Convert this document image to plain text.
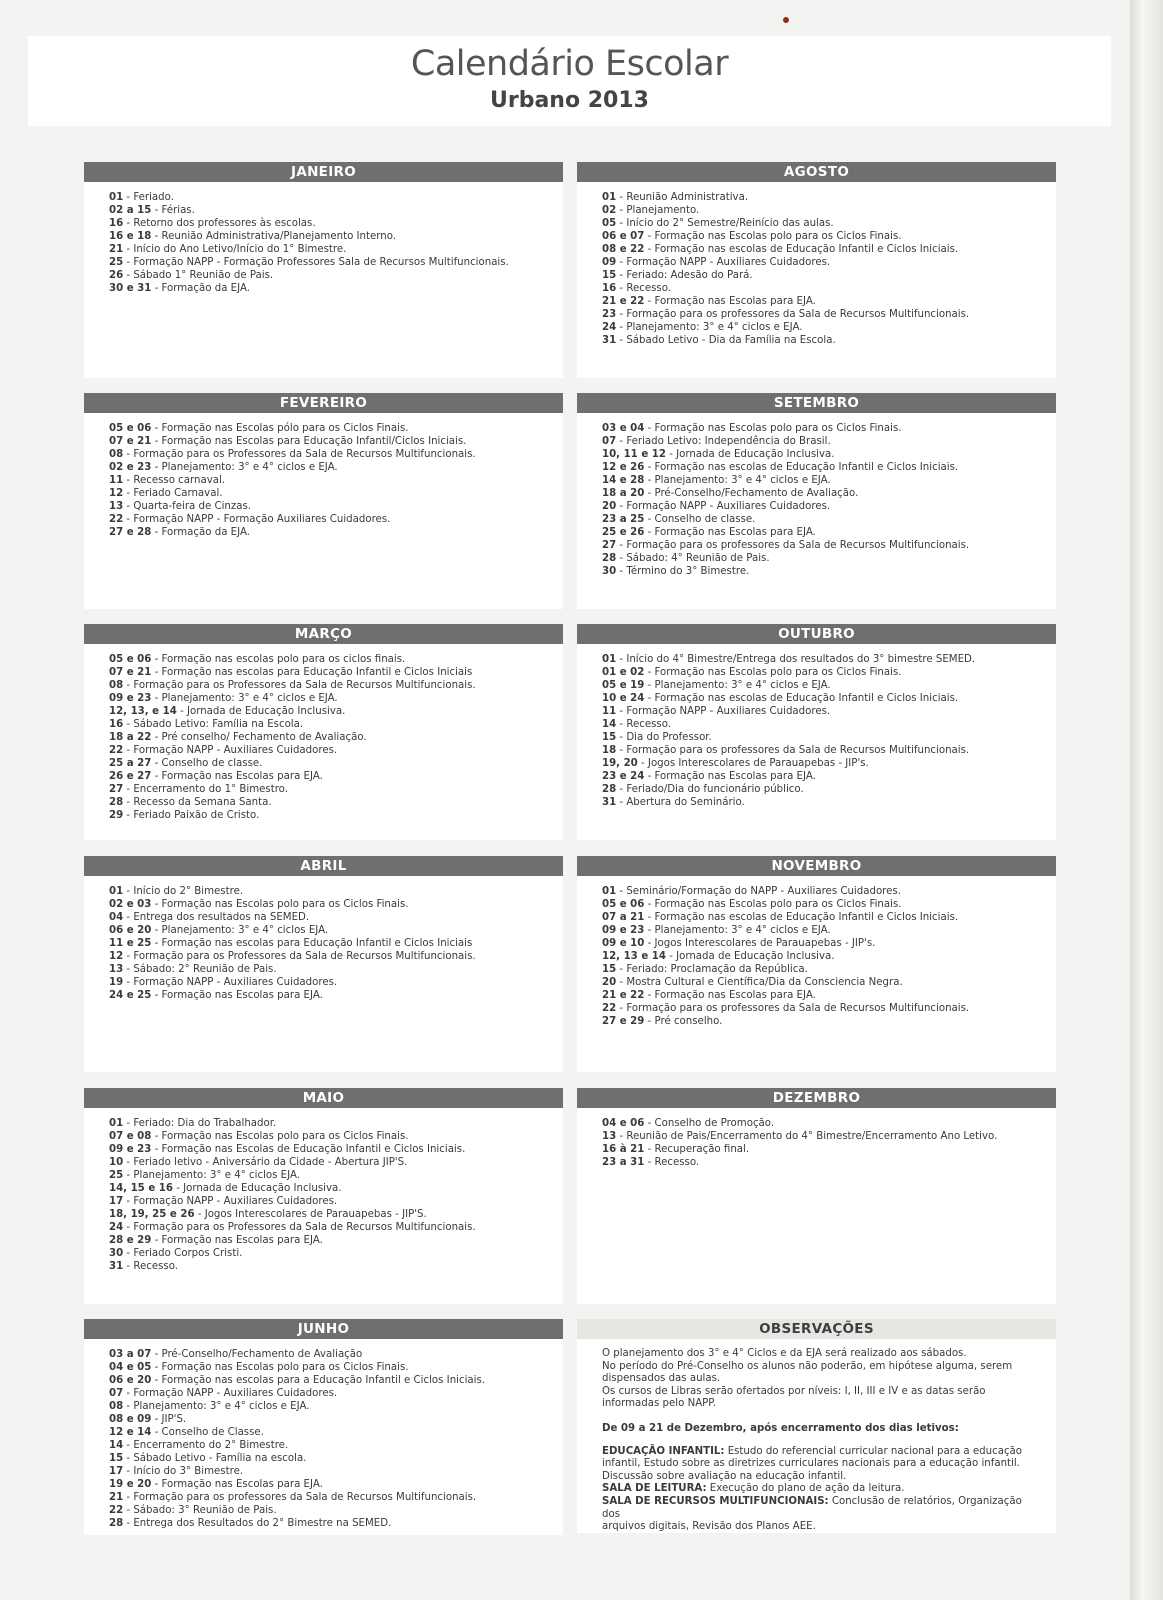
Calendário Escolar
Urbano 2013
JANEIRO
01 - Feriado.
02 a 15 - Férias.
16 - Retorno dos professores às escolas.
16 e 18 - Reunião Administrativa/Planejamento Interno.
21 - Início do Ano Letivo/Início do 1° Bimestre.
25 - Formação NAPP - Formação Professores Sala de Recursos Multifuncionais.
26 - Sábado 1° Reunião de Pais.
30 e 31 - Formação da EJA.
AGOSTO
01 - Reunião Administrativa.
02 - Planejamento.
05 - Início do 2° Semestre/Reinício das aulas.
06 e 07 - Formação nas Escolas polo para os Ciclos Finais.
08 e 22 - Formação nas escolas de Educação Infantil e Ciclos Iniciais.
09 - Formação NAPP - Auxiliares Cuidadores.
15 - Feriado: Adesão do Pará.
16 - Recesso.
21 e 22 - Formação nas Escolas para EJA.
23 - Formação para os professores da Sala de Recursos Multifuncionais.
24 - Planejamento: 3° e 4° ciclos e EJA.
31 - Sábado Letivo - Dia da Família na Escola.
FEVEREIRO
05 e 06 - Formação nas Escolas pólo para os Ciclos Finais.
07 e 21 - Formação nas Escolas para Educação Infantil/Ciclos Iniciais.
08 - Formação para os Professores da Sala de Recursos Multifuncionais.
02 e 23 - Planejamento: 3° e 4° ciclos e EJA.
11 - Recesso carnaval.
12 - Feriado Carnaval.
13 - Quarta-feira de Cinzas.
22 - Formação NAPP - Formação Auxiliares Cuidadores.
27 e 28 - Formação da EJA.
SETEMBRO
03 e 04 - Formação nas Escolas polo para os Ciclos Finais.
07 - Feriado Letivo: Independência do Brasil.
10, 11 e 12 - Jornada de Educação Inclusiva.
12 e 26 - Formação nas escolas de Educação Infantil e Ciclos Iniciais.
14 e 28 - Planejamento: 3° e 4° ciclos e EJA.
18 a 20 - Pré-Conselho/Fechamento de Avaliação.
20 - Formação NAPP - Auxiliares Cuidadores.
23 a 25 - Conselho de classe.
25 e 26 - Formação nas Escolas para EJA.
27 - Formação para os professores da Sala de Recursos Multifuncionais.
28 - Sábado: 4° Reunião de Pais.
30 - Término do 3° Bimestre.
MARÇO
05 e 06 - Formação nas escolas polo para os ciclos finais.
07 e 21 - Formação nas escolas para Educação Infantil e Ciclos Iniciais
08 - Formação para os Professores da Sala de Recursos Multifuncionais.
09 e 23 - Planejamento: 3° e 4° ciclos e EJA.
12, 13, e 14 - Jornada de Educação Inclusiva.
16 - Sábado Letivo: Família na Escola.
18 a 22 - Pré conselho/ Fechamento de Avaliação.
22 - Formação NAPP - Auxiliares Cuidadores.
25 a 27 - Conselho de classe.
26 e 27 - Formação nas Escolas para EJA.
27 - Encerramento do 1° Bimestro.
28 - Recesso da Semana Santa.
29 - Feriado Paixão de Cristo.
OUTUBRO
01 - Início do 4° Bimestre/Entrega dos resultados do 3° bimestre SEMED.
01 e 02 - Formação nas Escolas polo para os Ciclos Finais.
05 e 19 - Planejamento: 3° e 4° ciclos e EJA.
10 e 24 - Formação nas escolas de Educação Infantil e Ciclos Iniciais.
11 - Formação NAPP - Auxiliares Cuidadores.
14 - Recesso.
15 - Dia do Professor.
18 - Formação para os professores da Sala de Recursos Multifuncionais.
19, 20 - Jogos Interescolares de Parauapebas - JIP's.
23 e 24 - Formação nas Escolas para EJA.
28 - Feriado/Dia do funcionário público.
31 - Abertura do Seminário.
ABRIL
01 - Início do 2° Bimestre.
02 e 03 - Formação nas Escolas polo para os Ciclos Finais.
04 - Entrega dos resultados na SEMED.
06 e 20 - Planejamento: 3° e 4° ciclos EJA.
11 e 25 - Formação nas escolas para Educação Infantil e Ciclos Iniciais
12 - Formação para os Professores da Sala de Recursos Multifuncionais.
13 - Sábado: 2° Reunião de Pais.
19 - Formação NAPP - Auxiliares Cuidadores.
24 e 25 - Formação nas Escolas para EJA.
NOVEMBRO
01 - Seminário/Formação do NAPP - Auxiliares Cuidadores.
05 e 06 - Formação nas Escolas polo para os Ciclos Finais.
07 a 21 - Formação nas escolas de Educação Infantil e Ciclos Iniciais.
09 e 23 - Planejamento: 3° e 4° ciclos e EJA.
09 e 10 - Jogos Interescolares de Parauapebas - JIP's.
12, 13 e 14 - Jornada de Educação Inclusiva.
15 - Feriado: Proclamação da República.
20 - Mostra Cultural e Científica/Dia da Consciencia Negra.
21 e 22 - Formação nas Escolas para EJA.
22 - Formação para os professores da Sala de Recursos Multifuncionais.
27 e 29 - Pré conselho.
MAIO
01 - Feriado: Dia do Trabalhador.
07 e 08 - Formação nas Escolas polo para os Ciclos Finais.
09 e 23 - Formação nas Escolas de Educação Infantil e Ciclos Iniciais.
10 - Feriado letivo - Aniversário da Cidade - Abertura JIP'S.
25 - Planejamento: 3° e 4° ciclos EJA.
14, 15 e 16 - Jornada de Educação Inclusiva.
17 - Formação NAPP - Auxiliares Cuidadores.
18, 19, 25 e 26 - Jogos Interescolares de Parauapebas - JIP'S.
24 - Formação para os Professores da Sala de Recursos Multifuncionais.
28 e 29 - Formação nas Escolas para EJA.
30 - Feriado Corpos Cristi.
31 - Recesso.
DEZEMBRO
04 e 06 - Conselho de Promoção.
13 - Reunião de Pais/Encerramento do 4° Bimestre/Encerramento Ano Letivo.
16 à 21 - Recuperação final.
23 a 31 - Recesso.
JUNHO
03 a 07 - Pré-Conselho/Fechamento de Avaliação
04 e 05 - Formação nas Escolas polo para os Ciclos Finais.
06 e 20 - Formação nas escolas para a Educação Infantil e Ciclos Iniciais.
07 - Formação NAPP - Auxiliares Cuidadores.
08 - Planejamento: 3° e 4° ciclos e EJA.
08 e 09 - JIP'S.
12 e 14 - Conselho de Classe.
14 - Encerramento do 2° Bimestre.
15 - Sábado Letivo - Família na escola.
17 - Início do 3° Bimestre.
19 e 20 - Formação nas Escolas para EJA.
21 - Formação para os professores da Sala de Recursos Multifuncionais.
22 - Sábado: 3° Reunião de Pais.
28 - Entrega dos Resultados do 2° Bimestre na SEMED.
OBSERVAÇÕES

O planejamento dos 3° e 4° Ciclos e da EJA será realizado aos sábados.

No período do Pré-Conselho os alunos não poderão, em hipótese alguma, serem

dispensados das aulas.

Os cursos de Libras serão ofertados por níveis: I, II, III e IV e as datas serão

informadas pelo NAPP.

De 09 a 21 de Dezembro, após encerramento dos dias letivos:

EDUCAÇÃO INFANTIL: Estudo do referencial curricular nacional para a educação

infantil, Estudo sobre as diretrizes curriculares nacionais para a educação infantil.

Discussão sobre avaliação na educação infantil.

SALA DE LEITURA: Execução do plano de ação da leitura.

SALA DE RECURSOS MULTIFUNCIONAIS: Conclusão de relatórios, Organização dos

arquivos digitais, Revisão dos Planos AEE.
